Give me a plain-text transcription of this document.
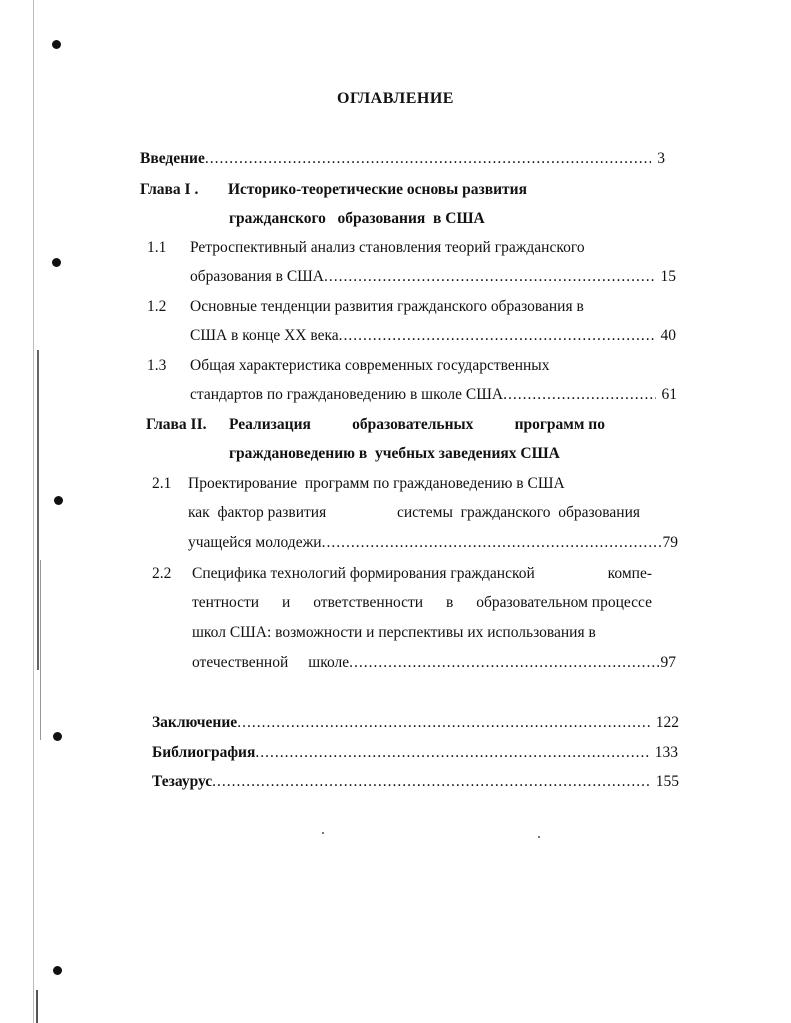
ОГЛАВЛЕНИЕ
Введение .....	3
Глава I . Историко-теоретические основы развития
гражданского   образования  в США
1.1 Ретроспективный анализ становления теорий гражданского
образования в США .....	15
1.2 Основные тенденции развития гражданского образования в
США в конце XX века .....	40
1.3 Общая характеристика современных государственных
стандартов по граждановедению в школе США .....	61
Глава II. Реализация	образовательных	программ по
граждановедению в  учебных заведениях США
2.1 Проектирование  программ по граждановедению в США
как  фактор развития	системы  гражданского  образования
учащейся молодежи .....	79
2.2 Специфика технологий формирования гражданской	компе-
тентности и ответственности в образовательном процессе
школ США: возможности и перспективы их использования в
отечественной	школе .....	97
Заключение .....	122
Библиография .....	133
Тезаурус .....	155
